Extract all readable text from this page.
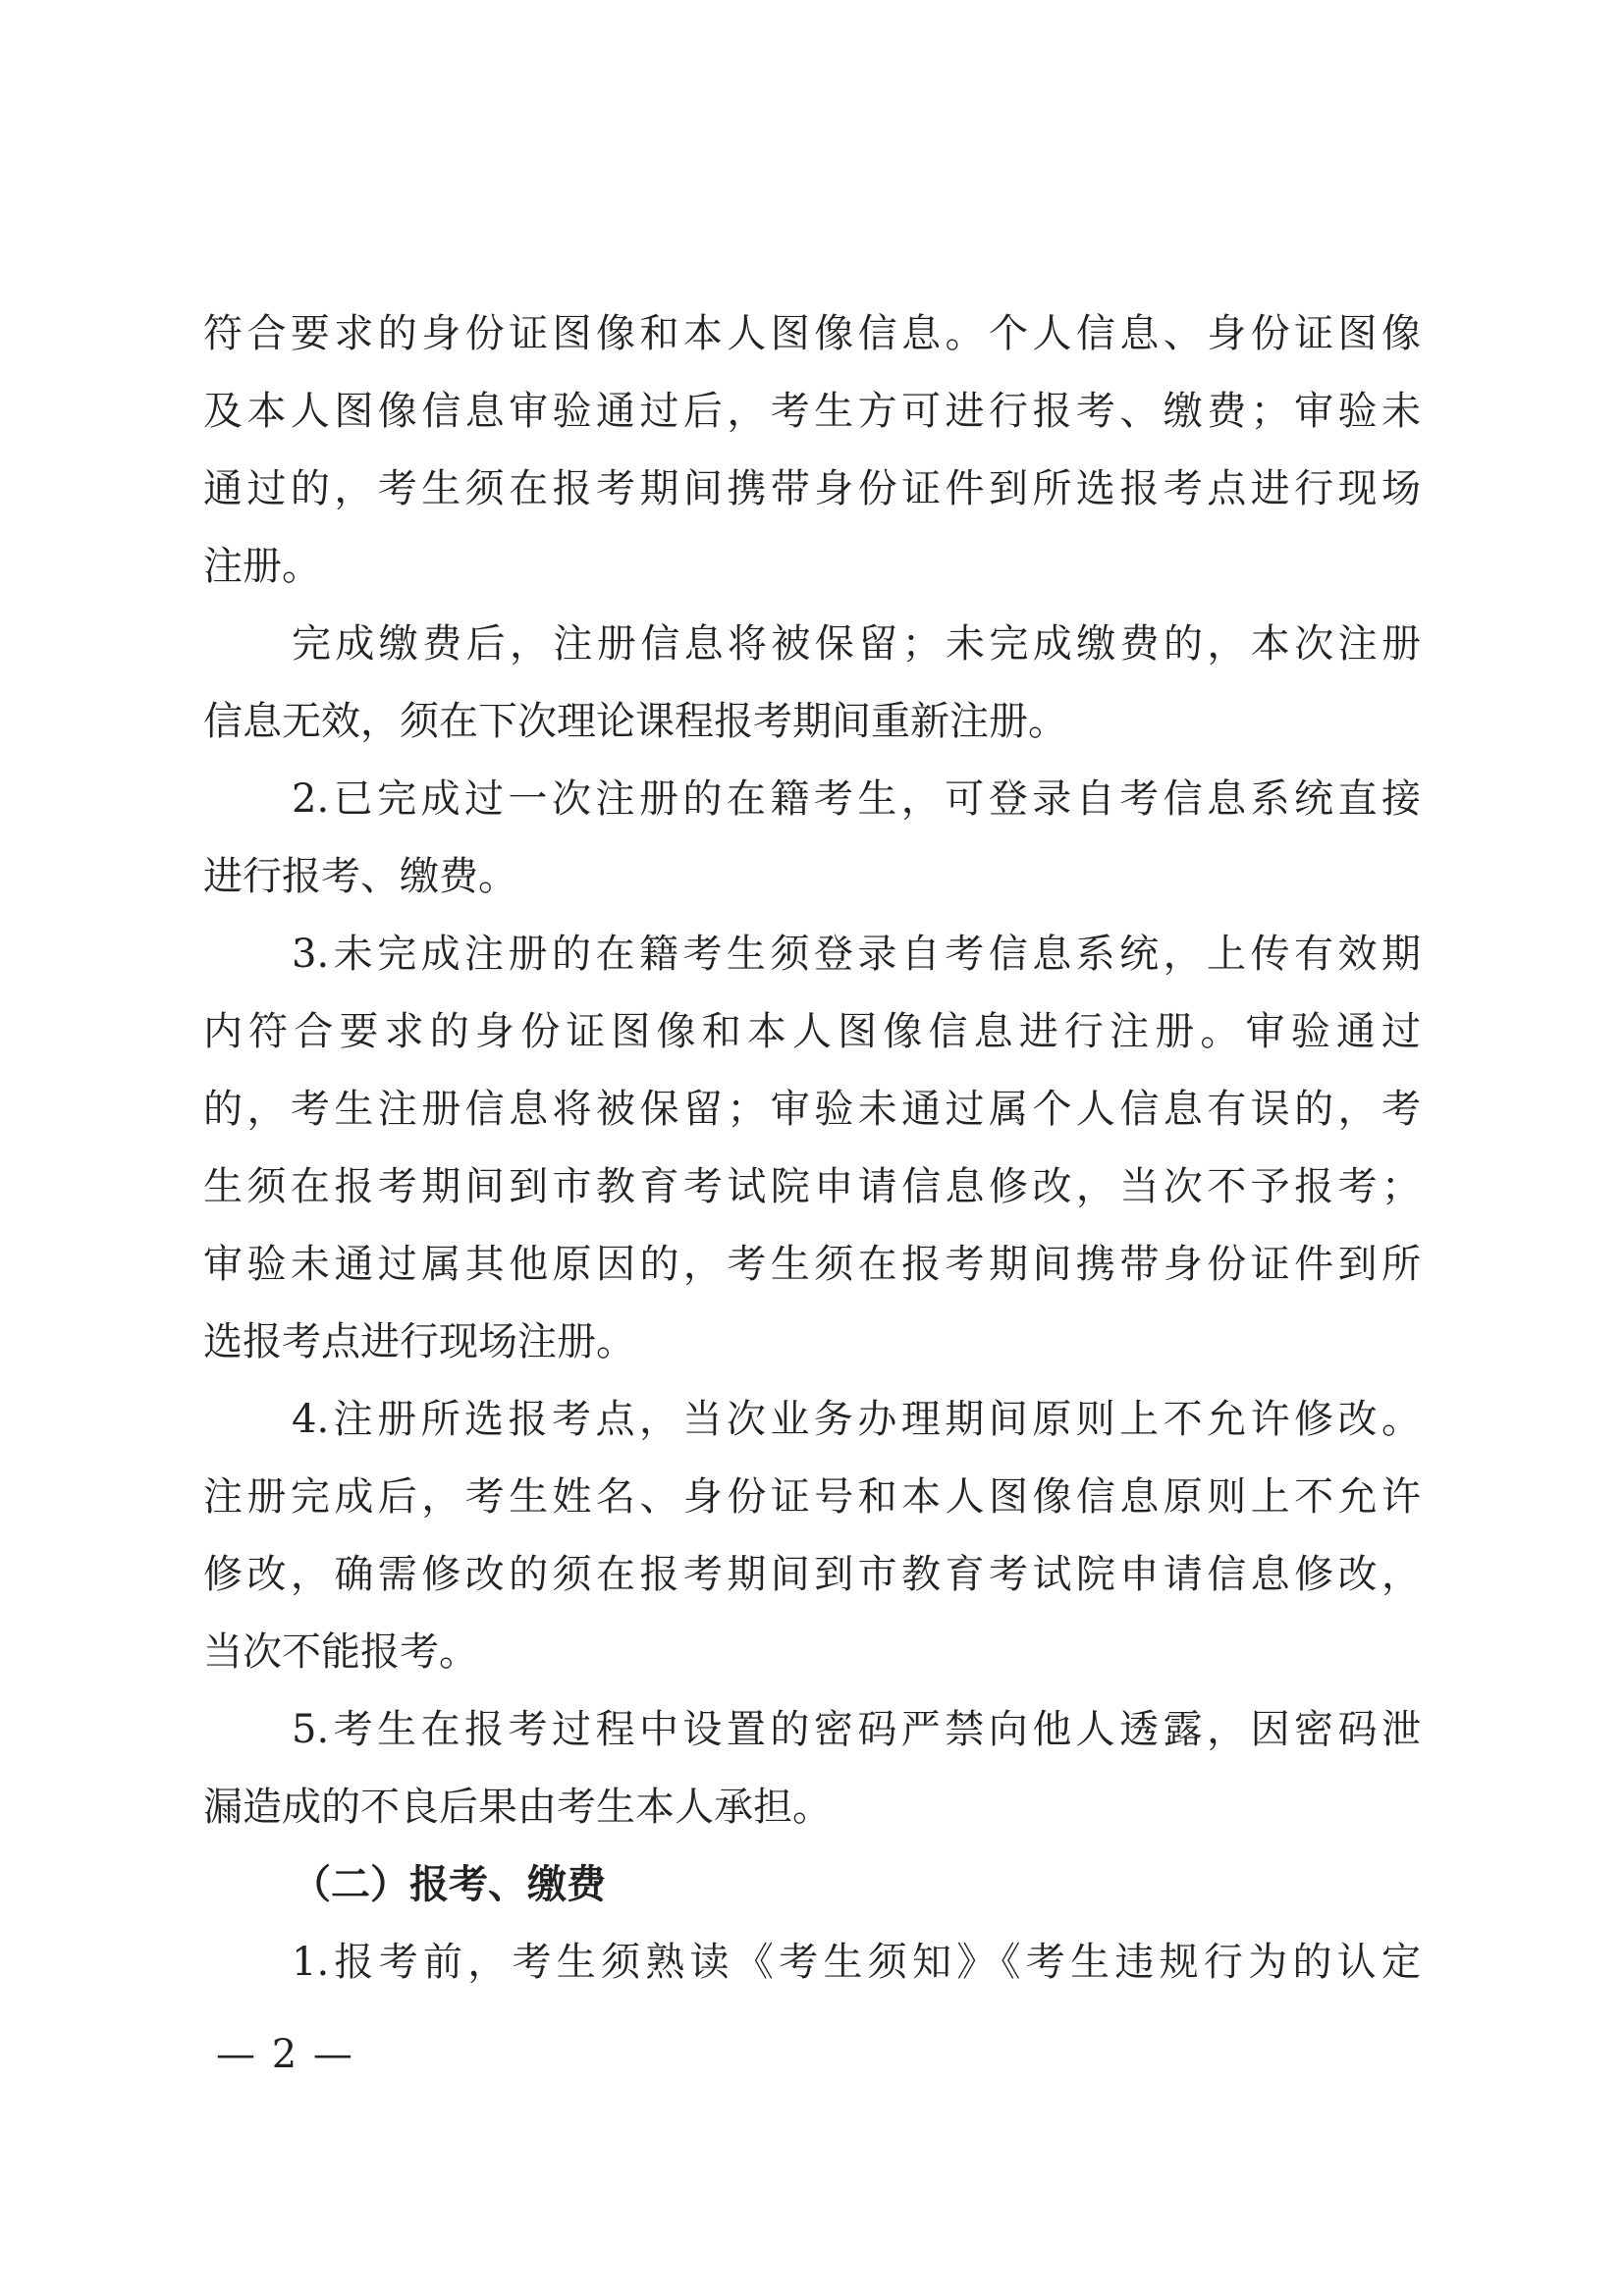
符合要求的身份证图像和本人图像信息。个人信息、身份证图像
及本人图像信息审验通过后，考生方可进行报考、缴费；审验未
通过的，考生须在报考期间携带身份证件到所选报考点进行现场
注册。
完成缴费后，注册信息将被保留；未完成缴费的，本次注册
信息无效，须在下次理论课程报考期间重新注册。
2.已完成过一次注册的在籍考生，可登录自考信息系统直接
进行报考、缴费。
3.未完成注册的在籍考生须登录自考信息系统，上传有效期
内符合要求的身份证图像和本人图像信息进行注册。审验通过
的，考生注册信息将被保留；审验未通过属个人信息有误的，考
生须在报考期间到市教育考试院申请信息修改，当次不予报考；
审验未通过属其他原因的，考生须在报考期间携带身份证件到所
选报考点进行现场注册。
4.注册所选报考点，当次业务办理期间原则上不允许修改。
注册完成后，考生姓名、身份证号和本人图像信息原则上不允许
修改，确需修改的须在报考期间到市教育考试院申请信息修改，
当次不能报考。
5.考生在报考过程中设置的密码严禁向他人透露，因密码泄
漏造成的不良后果由考生本人承担。
（二）报考、缴费
1.报考前，考生须熟读《考生须知》《考生违规行为的认定
— 2 —
